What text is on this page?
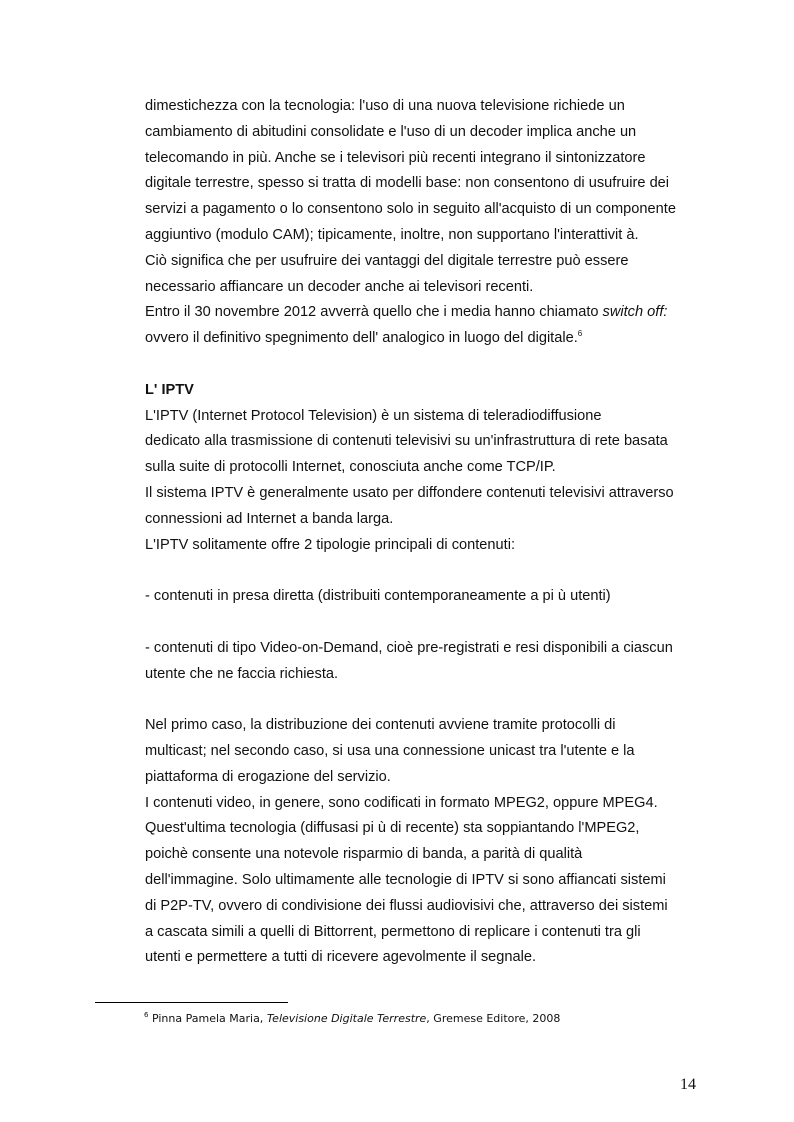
dimestichezza con la tecnologia: l'uso di una nuova televisione richiede un
cambiamento di abitudini consolidate e l'uso di un decoder implica anche un
telecomando in più. Anche se i televisori più recenti integrano il sintonizzatore
digitale terrestre, spesso si tratta di modelli base: non consentono di usufruire dei
servizi a pagamento o lo consentono solo in seguito all'acquisto di un componente
aggiuntivo (modulo CAM); tipicamente, inoltre, non supportano l'interattivit à.
Ciò significa che per usufruire dei vantaggi del digitale terrestre può essere
necessario affiancare un decoder anche ai televisori recenti.
Entro il 30 novembre 2012 avverrà quello che i media hanno chiamato switch off:
ovvero il definitivo spegnimento dell' analogico in luogo del digitale.$^6$
L' IPTV
L'IPTV (Internet Protocol Television) è un sistema di teleradiodiffusione
dedicato alla trasmissione di contenuti televisivi su un'infrastruttura di rete basata
sulla suite di protocolli Internet, conosciuta anche come TCP/IP.
Il sistema IPTV è generalmente usato per diffondere contenuti televisivi attraverso
connessioni ad Internet a banda larga.
L'IPTV solitamente offre 2 tipologie principali di contenuti:
- contenuti in presa diretta (distribuiti contemporaneamente a pi ù utenti)
- contenuti di tipo Video-on-Demand, cioè pre-registrati e resi disponibili a ciascun
utente che ne faccia richiesta.
Nel primo caso, la distribuzione dei contenuti avviene tramite protocolli di
multicast; nel secondo caso, si usa una connessione unicast tra l'utente e la
piattaforma di erogazione del servizio.
I contenuti video, in genere, sono codificati in formato MPEG2, oppure MPEG4.
Quest'ultima tecnologia (diffusasi pi ù di recente) sta soppiantando l'MPEG2,
poichè consente una notevole risparmio di banda, a parità di qualità
dell'immagine. Solo ultimamente alle tecnologie di IPTV si sono affiancati sistemi
di P2P-TV, ovvero di condivisione dei flussi audiovisivi che, attraverso dei sistemi
a cascata simili a quelli di Bittorrent, permettono di replicare i contenuti tra gli
utenti e permettere a tutti di ricevere agevolmente il segnale.
$^6$ Pinna Pamela Maria, Televisione Digitale Terrestre, Gremese Editore, 2008
14
